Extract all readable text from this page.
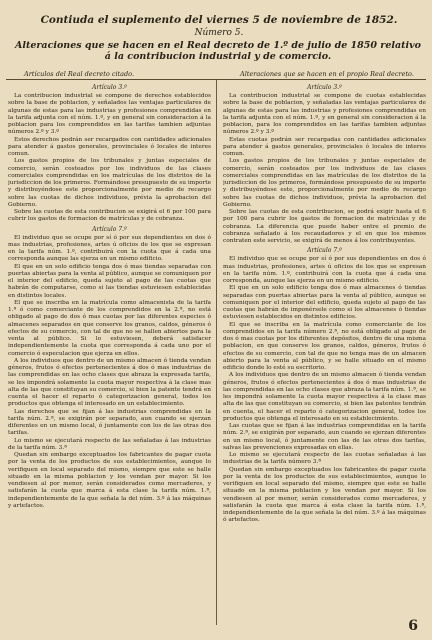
Contiuda el suplemento del viernes 5 de noviembre de 1852.
Número 5.
Alteraciones que se hacen en el Real decreto de 1.º de julio de 1850 relativo á la contribucion industrial y de comercio.
Artículos del Real decreto citado.	Alteraciones que se hacen en el propio Real decreto.
Artículo 3.º
La contribucion industrial se compone de derechos establecidos sobre la base de poblacion, y señalados las ventajas particulares de algunas de estas para las industrias y profesiones comprendidas en la tarifa adjunta con el núm. 1.º, y en general sin consideracion á la poblacion para los comprendidos en las tarifas tambien adjuntas números 2.º y 3.º
Estos derechos podrán ser recargados con cantidades adicionales para atender á gastos generales, provinciales ó locales de interes comun.
Los gastos propios de los tribunales y juntas especiales de comercio, serán costeados por los individuos de las clases comerciales comprendidas en los matrículas de los distritos de la jurisdiccion de los primeros. Formándose presupuesto de su importe y distribuyéndose este proporcionalmente por medio de recargo sobre las cuotas de dichos individuos, prévia la aprobacion del Gobierno.
Sobre las cuotas de esta contribucion se exigirá el 6 por 100 para cubrir los gastos de formacion de matrículas y de cobranza.
Artículo 7.º
El individuo que se ocupe por sí ó por sus dependientes en dos ó mas industrias, profesiones, artes ú oficios de los que se expresan en la tarifa núm. 1.º, contribuirá con la cuota que á cada una corresponda aunque las ejerza en un mismo edificio.
El que en un solo edificio tenga dos ó mas tiendas separadas con puertas abiertas para la venta al público, aunque se comuniquen por el interior del edificio, queda sujeto al pago de las cuotas que habrán de computarse, como si las tiendas estuviesen establecidas en distintos locales.
El que se inscriba en la matrícula como almacenista de la tarifa 1.ª ó como comerciante de los comprendidos en la 2.ª, no está obligado al pago de dos ó mas cuotas por las diferentes especies ó almacenes separados en que conserve los granos, caldos, géneros ó efectos de su comercio, con tal de que no se hallen abiertos para la venta al público. Si lo estuviesen, deberá satisfacer independientemente la cuota que corresponda á cada uno por el comercio ó especulacion que ejerza en ellos.
A los individuos que dentro de un mismo almacen ó tienda vendan géneros, frutos ó efectos pertenecientes á dos ó mas industrias de las comprendidas en las ocho clases que abraza la expresada tarifa, se les impondrá solamente la cuota mayor respectiva á la clase mas alta de las que constituyan su comercio, si bien la patente tendrá en cuenta el hacer el reparto ó categorizacion general, todos los productos que obtenga el interesado en un establecimiento.
Las derechos que se fijan á las industrias comprendidas en la tarifa núm. 2.ª, se exigirán por separado, aun cuando se ejerzan diferentes en un mismo local, ó juntamente con los de las otras dos tarifas.
Lo mismo se ejecutará respecto de las señaladas á las industrias de la tarifa núm. 3.ª
Quedan sin embargo exceptuados los fabricantes de pagar cuota por la venta de los productos de sus establecimientos, aunque lo verifiquen en local separado del mismo, siempre que este se halle situado en la misma poblacion y los vendan por mayor. Si los vendiesen al por menor, serán considerados como mercaderes, y satisfarán la cuota que marca á esta clase la tarifa núm. 1.ª, independientemente de la que señala la del núm. 3.º á las máquinas y artefactos.
Artículo 3.º
La contribucion industrial se compone de cuotas establecidas sobre la base de poblacion, y señaladas las ventajas particulares de algunas de estas para las industrias y profesiones comprendidas en la tarifa adjunta con el núm. 1.º, y en general sin consideracion á la poblacion, para los comprendidos en las tarifas tambien adjuntas números 2.º y 3.º
Estas cuotas podrán ser recargadas con cantidades adicionales para atender á gastos generales, provinciales ó locales de interes comun.
Los gastos propios de los tribunales y juntas especiales de comercio, serán costeados por los individuos de las clases comerciales comprendidas en las matrículas de los distritos de la jurisdiccion de los primeros, formándose presupuesto de su importe y distribuyéndose este, proporcionalmente por medio de recargo sobre las cuotas de dichos individuos, prévia la aprobacion del Gobierno.
Sobre las cuotas de esta contribucion, se podrá exigir hasta el 6 por 100 para cubrir los gastos de formacion de matrículas y de cobranza. La diferencia que puede haber entre el premio de cobranza señalado á los recaudadores y el en que los mismos contraten este servicio, se exigirá de menos á los contribuyentes.
Artículo 7.º
El individuo que se ocupe por sí ó por sus dependientes en dos ó mas industrias, profesiones, artes ú oficios de los que se expresan en la tarifa núm. 1.º, contribuirá con la cuota que á cada una corresponda, aunque las ejerza en un mismo edificio.
El que en un solo edificio tenga dos ó mas almacenes ó tiendas separadas con puertas abiertas para la venta al público, aunque se comuniquen por el interior del edificio, queda sujeto al pago de las cuotas que habrán de imponérsele como si los almacenes ó tiendas estuviesen establecidos en distintos edificios.
El que se inscriba en la matrícula como comerciante de los comprendidos en la tarifa número 2.ª, no está obligado al pago de dos ó mas cuotas por los diferentes depósitos, dentro de una misma poblacion, en que conserve los granos, caldos, géneros, frutos ó efectos de su comercio, con tal de que no tenga mas de un almacen abierto para la venta al público, y se halle situado en el mismo edificio donde lo esté su escritorio.
A los individuos que dentro de un mismo almacen ó tienda vendan géneros, frutos ó efectos pertenecientes á dos ó mas industrias de las comprendidas en las ocho clases que abraza la tarifa núm. 1.ª, se les impondrá solamente la cuota mayor respectiva á la clase mas alta de las que constituyan su comercio, si bien las patentes tendrán en cuenta, el hacer el reparto ó categorizacion general, todos los productos que obtenga el interesado en su establecimiento.
Las cuotas que se fijan á las industrias comprendidas en la tarifa núm. 2.ª, se exigirán por separado, aun cuando se ejerzan diferentes en un mismo local, ó juntamente con las de las otras dos tarifas, salvas las prevenciones expresadas en ellas.
Lo mismo se ejecutará respecto de las cuotas señaladas á las industrias de la tarifa número 3.ª
Quedan sin embargo exceptuados los fabricantes de pagar cuota por la venta de los productos de sus establecimientos, aunque lo verifiquen en local separado del mismo, siempre que este se halle situado en la misma poblacion y los vendan por mayor. Si los vendiesen al por menor, serán considerados como mercaderes, y satisfarán la cuota que marca á esta clase la tarifa núm. 1.ª, independientemente de la que señala la del núm. 3.º á las máquinas ó artefactos.
6
